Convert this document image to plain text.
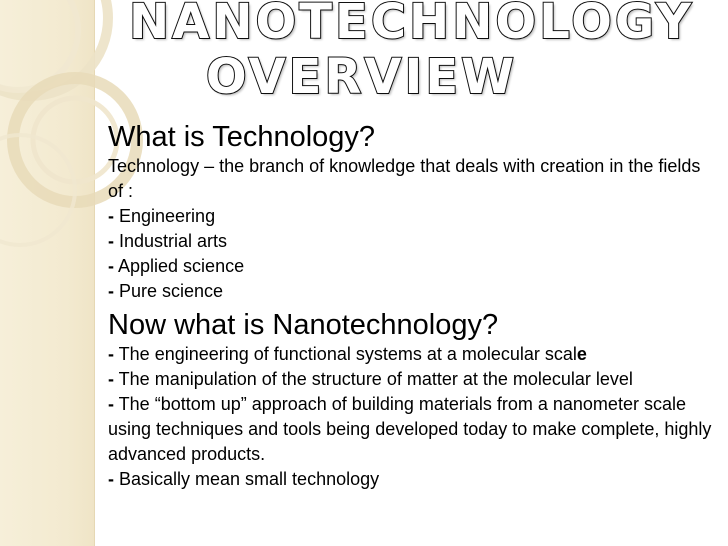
NANOTECHNOLOGY
OVERVIEW

What is Technology?

Technology – the branch of knowledge that deals with creation in the fields of :

- Engineering

- Industrial arts

- Applied science

- Pure science

Now what is Nanotechnology?

- The engineering of functional systems at a molecular scale

- The manipulation of the structure of matter at the molecular level

- The “bottom up” approach of building materials from a nanometer scale using techniques and tools being developed today to make complete, highly advanced products.

- Basically mean small technology
